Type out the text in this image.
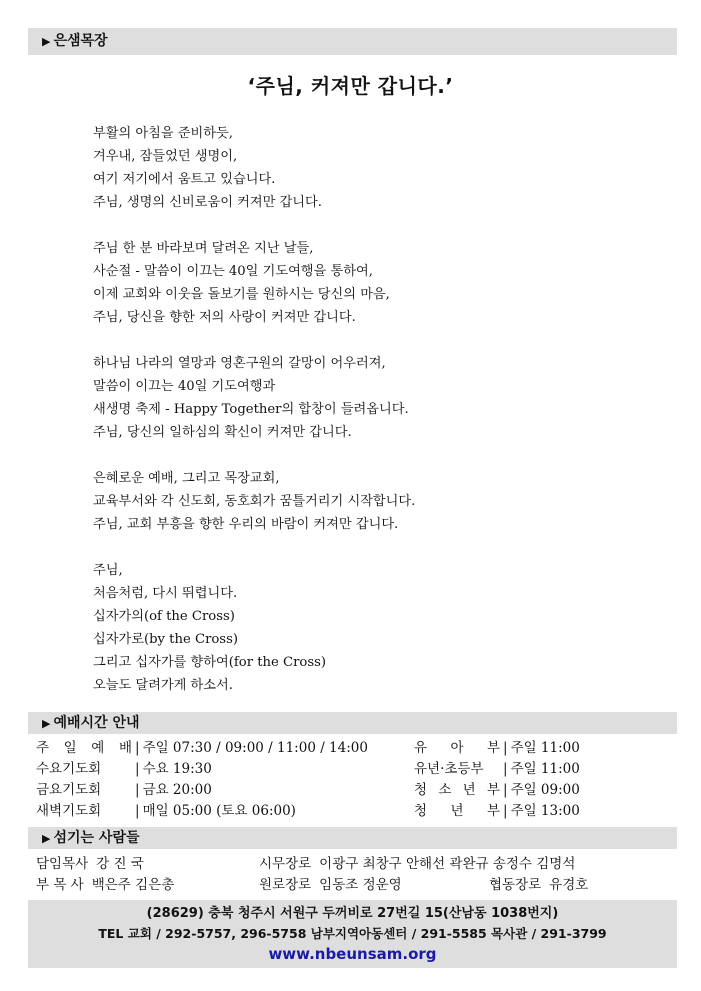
▶ 은샘목장
‘주님, 커져만 갑니다.’
부활의 아침을 준비하듯,
겨우내, 잠들었던 생명이,
여기 저기에서 움트고 있습니다.
주님, 생명의 신비로움이 커져만 갑니다.
주님 한 분 바라보며 달려온 지난 날들,
사순절 - 말씀이 이끄는 40일 기도여행을 통하여,
이제 교회와 이웃을 돌보기를 원하시는 당신의 마음,
주님, 당신을 향한 저의 사랑이 커져만 갑니다.
하나님 나라의 열망과 영혼구원의 갈망이 어우러져,
말씀이 이끄는 40일 기도여행과
새생명 축제 - Happy Together의 합창이 들려옵니다.
주님, 당신의 일하심의 확신이 커져만 갑니다.
은혜로운 예배, 그리고 목장교회,
교육부서와 각 신도회, 동호회가 꿈틀거리기 시작합니다.
주님, 교회 부흥을 향한 우리의 바람이 커져만 갑니다.
주님,
처음처럼, 다시 뛰렵니다.
십자가의(of the Cross)
십자가로(by the Cross)
그리고 십자가를 향하여(for the Cross)
오늘도 달려가게 하소서.
▶ 예배시간 안내
주 일 예 배 | 주일 07:30 / 09:00 / 11:00 / 14:00	유 아 부 | 주일 11:00
수요기도회	| 수요 19:30	유년·초등부 | 주일 11:00
금요기도회	| 금요 20:00	청 소 년 부 | 주일 09:00
새벽기도회	| 매일 05:00 (토요 06:00)	청 년 부 | 주일 13:00
▶ 섬기는 사람들
담임목사 강 진 국	시무장로 이광구 최창구 안해선 곽완규 송정수 김명석
부 목 사 백은주 김은총	원로장로 임동조 정운영	협동장로 유경호
(28629) 충북 청주시 서원구 두꺼비로 27번길 15(산남동 1038번지)
TEL 교회 / 292-5757, 296-5758 남부지역아동센터 / 291-5585 목사관 / 291-3799
www.nbeunsam.org
